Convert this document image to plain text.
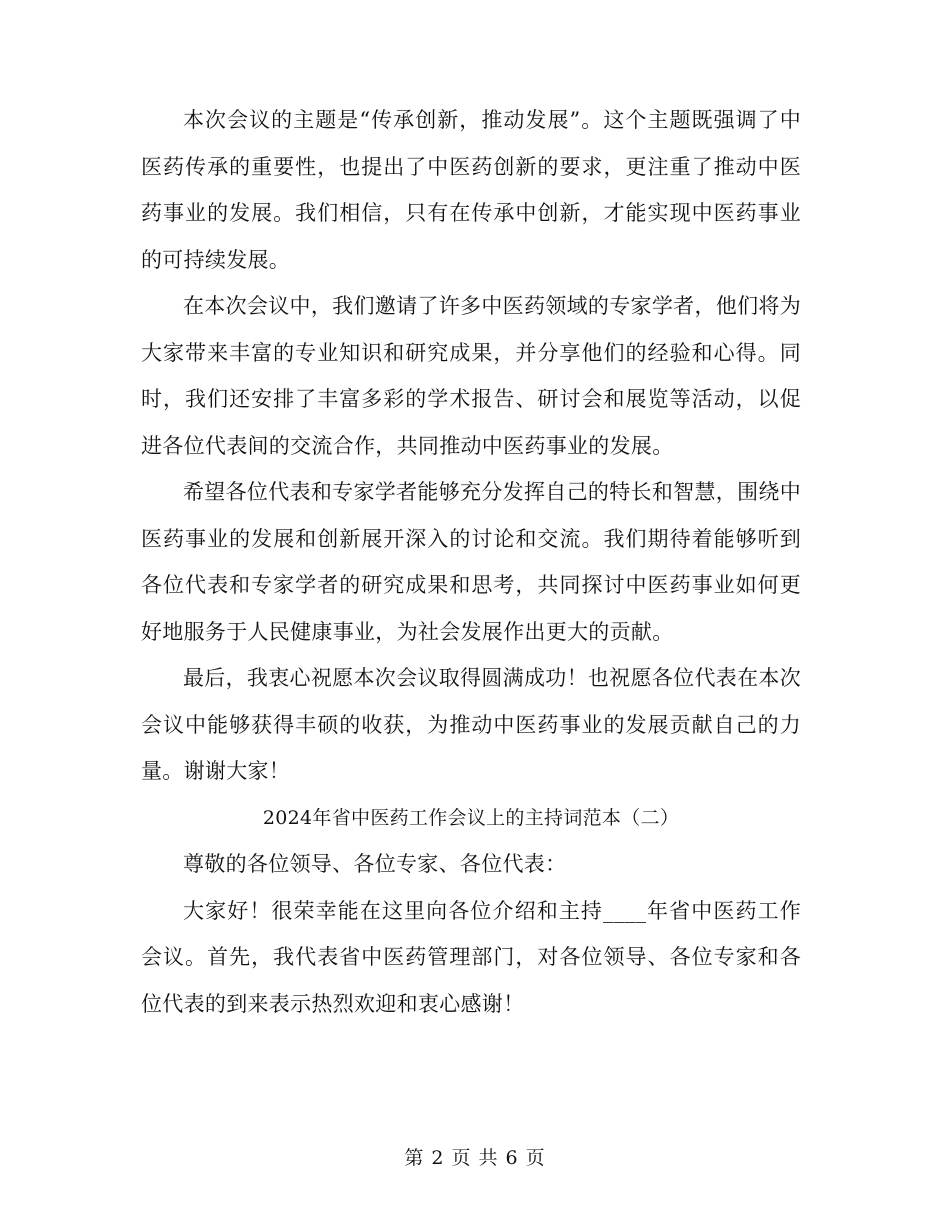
本次会议的主题是“传承创新，推动发展”。这个主题既强调了中医药传承的重要性，也提出了中医药创新的要求，更注重了推动中医药事业的发展。我们相信，只有在传承中创新，才能实现中医药事业的可持续发展。

在本次会议中，我们邀请了许多中医药领域的专家学者，他们将为大家带来丰富的专业知识和研究成果，并分享他们的经验和心得。同时，我们还安排了丰富多彩的学术报告、研讨会和展览等活动，以促进各位代表间的交流合作，共同推动中医药事业的发展。

希望各位代表和专家学者能够充分发挥自己的特长和智慧，围绕中医药事业的发展和创新展开深入的讨论和交流。我们期待着能够听到各位代表和专家学者的研究成果和思考，共同探讨中医药事业如何更好地服务于人民健康事业，为社会发展作出更大的贡献。

最后，我衷心祝愿本次会议取得圆满成功！也祝愿各位代表在本次会议中能够获得丰硕的收获，为推动中医药事业的发展贡献自己的力量。谢谢大家！

2024年省中医药工作会议上的主持词范本（二）

尊敬的各位领导、各位专家、各位代表：

大家好！很荣幸能在这里向各位介绍和主持____年省中医药工作会议。首先，我代表省中医药管理部门，对各位领导、各位专家和各位代表的到来表示热烈欢迎和衷心感谢！

第 2 页 共 6 页
